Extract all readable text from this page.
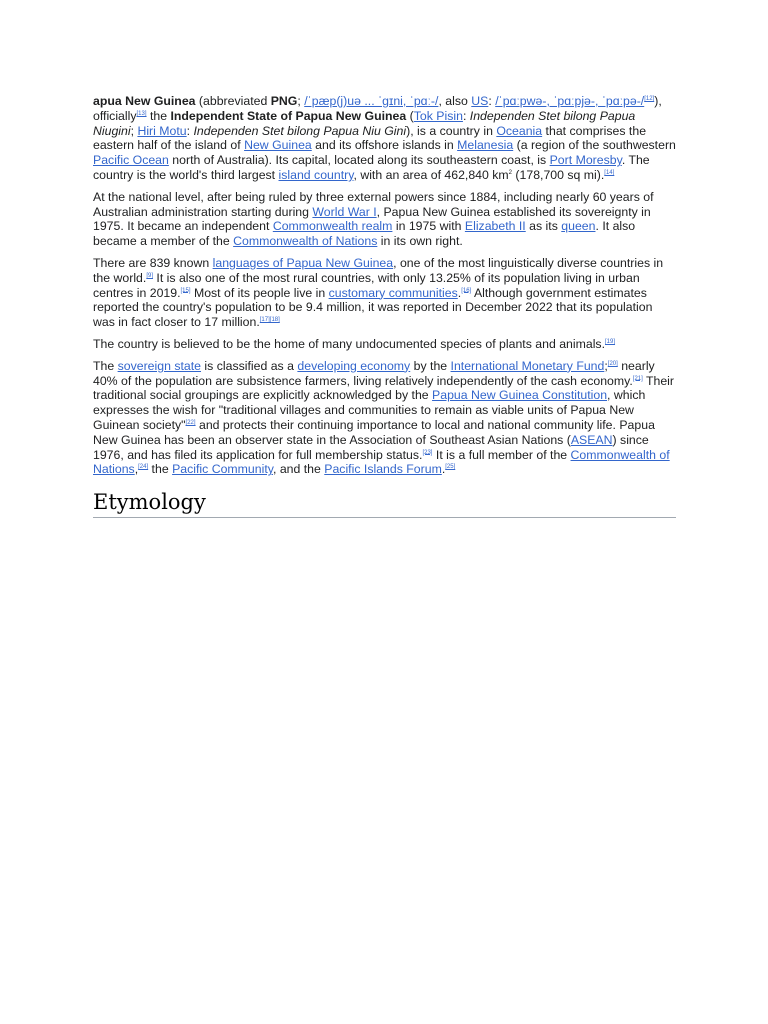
apua New Guinea (abbreviated PNG; /ˈpæp(j)uə ... ˈɡɪni, ˈpɑː-/, also US: /ˈpɑːpwə-, ˈpɑːpjə-, ˈpɑːpə-/[12]), officially[13] the Independent State of Papua New Guinea (Tok Pisin: Independen Stet bilong Papua Niugini; Hiri Motu: Independen Stet bilong Papua Niu Gini), is a country in Oceania that comprises the eastern half of the island of New Guinea and its offshore islands in Melanesia (a region of the southwestern Pacific Ocean north of Australia). Its capital, located along its southeastern coast, is Port Moresby. The country is the world's third largest island country, with an area of 462,840 $km^2$ (178,700 sq mi).[14]

At the national level, after being ruled by three external powers since 1884, including nearly 60 years of Australian administration starting during World War I, Papua New Guinea established its sovereignty in 1975. It became an independent Commonwealth realm in 1975 with Elizabeth II as its queen. It also became a member of the Commonwealth of Nations in its own right.

There are 839 known languages of Papua New Guinea, one of the most linguistically diverse countries in the world.[9] It is also one of the most rural countries, with only 13.25% of its population living in urban centres in 2019.[15] Most of its people live in customary communities.[16] Although government estimates reported the country's population to be 9.4 million, it was reported in December 2022 that its population was in fact closer to 17 million.[17][18]

The country is believed to be the home of many undocumented species of plants and animals.[19]

The sovereign state is classified as a developing economy by the International Monetary Fund;[20] nearly 40% of the population are subsistence farmers, living relatively independently of the cash economy.[21] Their traditional social groupings are explicitly acknowledged by the Papua New Guinea Constitution, which expresses the wish for "traditional villages and communities to remain as viable units of Papua New Guinean society"[22] and protects their continuing importance to local and national community life. Papua New Guinea has been an observer state in the Association of Southeast Asian Nations (ASEAN) since 1976, and has filed its application for full membership status.[23] It is a full member of the Commonwealth of Nations,[24] the Pacific Community, and the Pacific Islands Forum.[25]

Etymology
